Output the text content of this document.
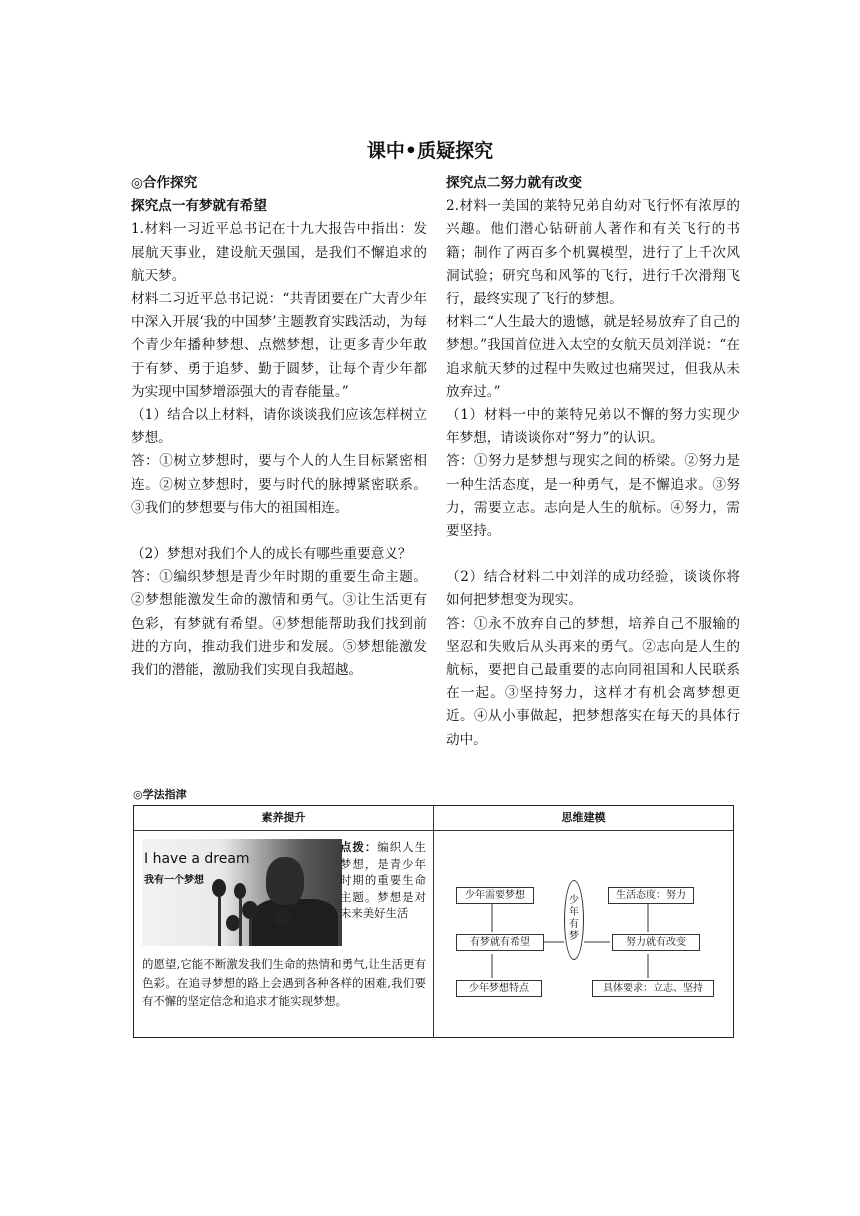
课中•质疑探究

◎合作探究

探究点一有梦就有希望

1.材料一习近平总书记在十九大报告中指出：发展航天事业，建设航天强国，是我们不懈追求的航天梦。

材料二习近平总书记说：“共青团要在广大青少年中深入开展‘我的中国梦’主题教育实践活动，为每个青少年播种梦想、点燃梦想，让更多青少年敢于有梦、勇于追梦、勤于圆梦，让每个青少年都为实现中国梦增添强大的青春能量。”

（1）结合以上材料，请你谈谈我们应该怎样树立梦想。

答：①树立梦想时，要与个人的人生目标紧密相连。②树立梦想时，要与时代的脉搏紧密联系。③我们的梦想要与伟大的祖国相连。

（2）梦想对我们个人的成长有哪些重要意义？

答：①编织梦想是青少年时期的重要生命主题。②梦想能激发生命的激情和勇气。③让生活更有色彩，有梦就有希望。④梦想能帮助我们找到前进的方向，推动我们进步和发展。⑤梦想能激发我们的潜能，激励我们实现自我超越。

探究点二努力就有改变

2.材料一美国的莱特兄弟自幼对飞行怀有浓厚的兴趣。他们潜心钻研前人著作和有关飞行的书籍；制作了两百多个机翼模型，进行了上千次风洞试验；研究鸟和风筝的飞行，进行千次滑翔飞行，最终实现了飞行的梦想。

材料二“人生最大的遗憾，就是轻易放弃了自己的梦想。”我国首位进入太空的女航天员刘洋说：“在追求航天梦的过程中失败过也痛哭过，但我从未放弃过。”

（1）材料一中的莱特兄弟以不懈的努力实现少年梦想，请谈谈你对“努力”的认识。

答：①努力是梦想与现实之间的桥梁。②努力是一种生活态度，是一种勇气，是不懈追求。③努力，需要立志。志向是人生的航标。④努力，需要坚持。

（2）结合材料二中刘洋的成功经验，谈谈你将如何把梦想变为现实。

答：①永不放弃自己的梦想，培养自己不服输的坚忍和失败后从头再来的勇气。②志向是人生的航标，要把自己最重要的志向同祖国和人民联系在一起。③坚持努力，这样才有机会离梦想更近。④从小事做起，把梦想落实在每天的具体行动中。

◎学法指津
素养提升	思维建模
I have a dream
我有一个梦想
点拨：编织人生梦想，是青少年时期的重要生命主题。梦想是对未来美好生活
的愿望,它能不断激发我们生命的热情和勇气,让生活更有色彩。在追寻梦想的路上会遇到各种各样的困难,我们要有不懈的坚定信念和追求才能实现梦想。
少年需要梦想
有梦就有希望
少年梦想特点
少年有梦
生活态度：努力
努力就有改变
具体要求：立志、坚持
